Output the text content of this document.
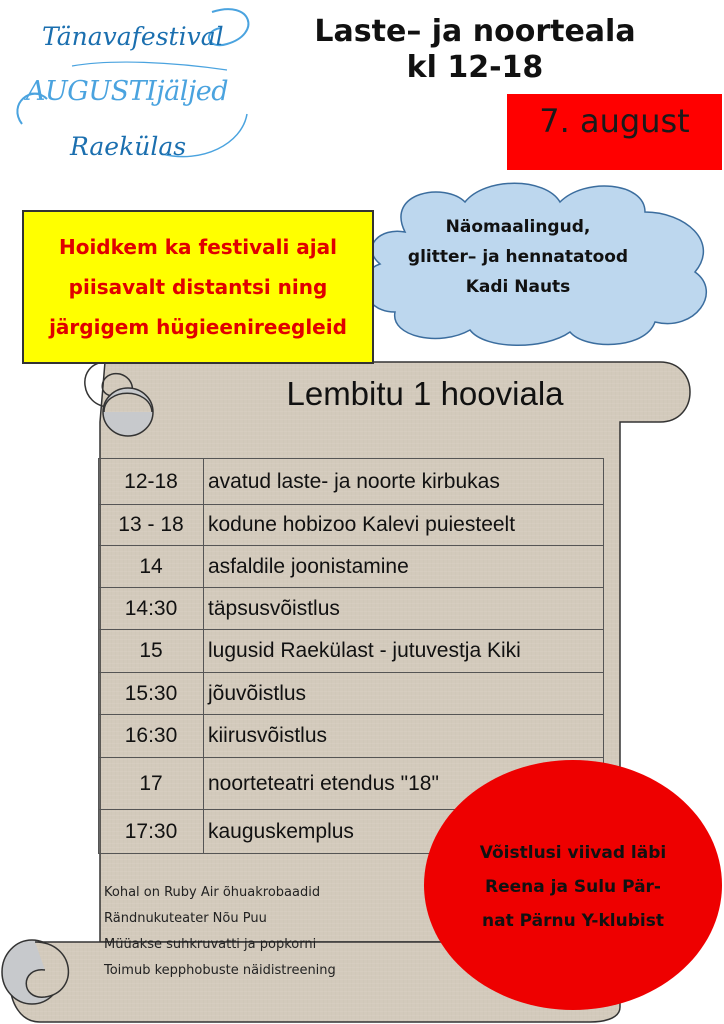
Tänavafestival
AUGUSTIjäljed
Raekülas
Laste– ja noorteala
kl 12-18
7. august
Näomaalingud,
glitter– ja hennatatood
Kadi Nauts
Hoidkem ka festivali ajal
piisavalt distantsi ning
järgigem hügieenireegleid
Lembitu 1 hooviala
12-18	avatud laste- ja noorte kirbukas
13 - 18	kodune hobizoo Kalevi puiesteelt
14	asfaldile joonistamine
14:30	täpsusvõistlus
15	lugusid Raekülast - jutuvestja Kiki
15:30	jõuvõistlus
16:30	kiirusvõistlus
17	noorteteatri etendus "18"
17:30	kauguskemplus
Kohal on Ruby Air õhuakrobaadid
Rändnukuteater Nõu Puu
Müüakse suhkruvatti ja popkorni
Toimub kepphobuste näidistreening
Võistlusi viivad läbi
Reena ja Sulu Pär-
nat Pärnu Y-klubist
